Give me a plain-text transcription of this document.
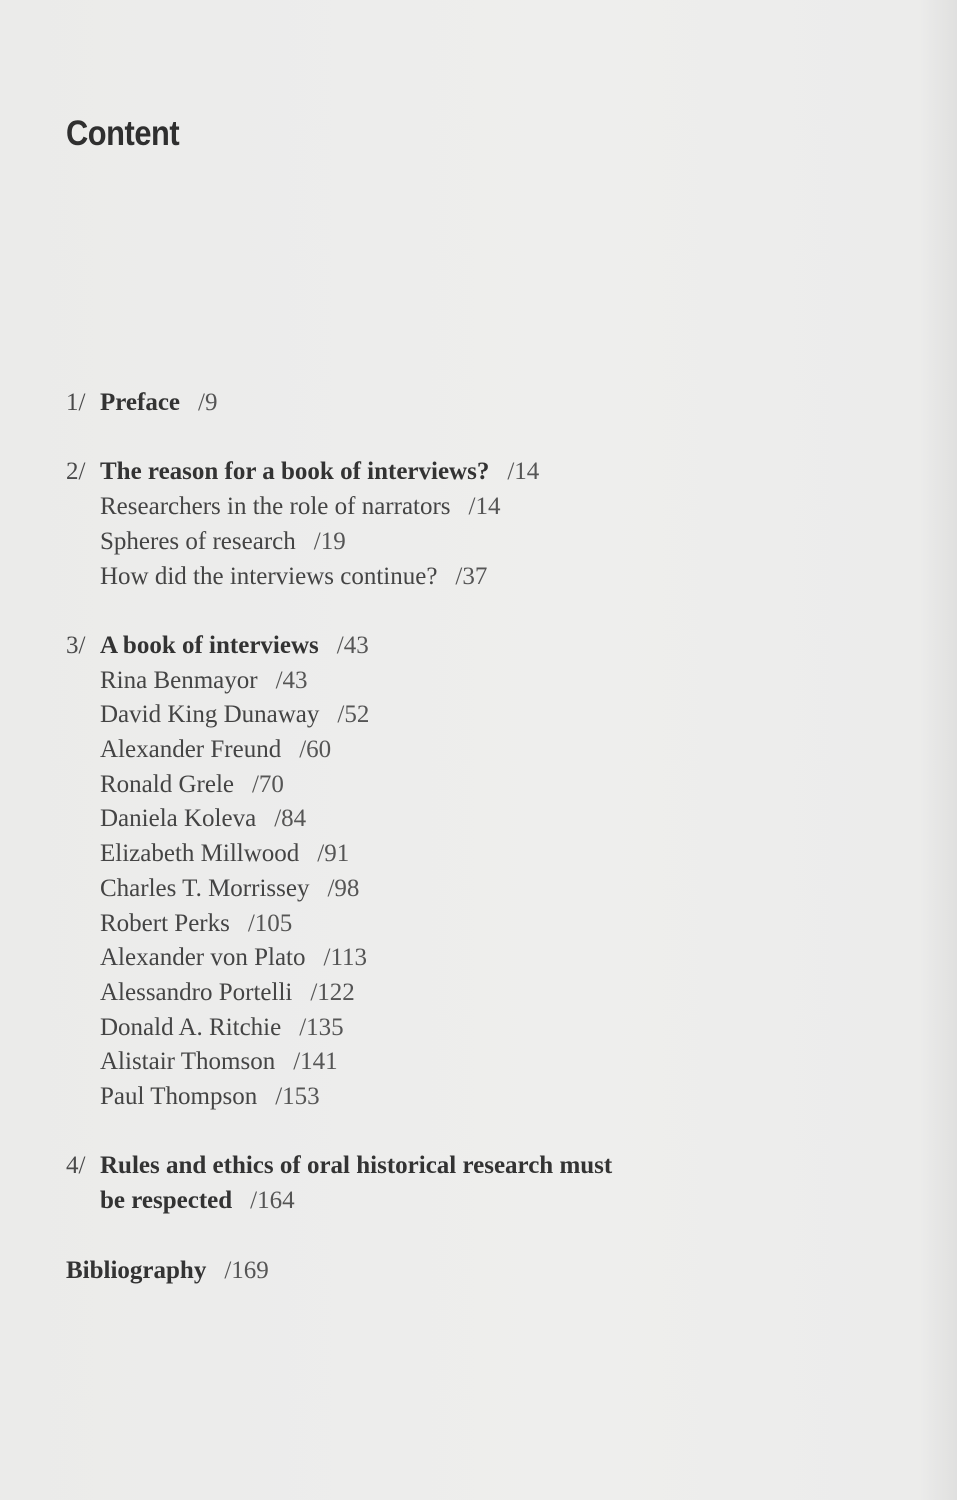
Content
1/ Preface /9
2/ The reason for a book of interviews? /14
Researchers in the role of narrators /14
Spheres of research /19
How did the interviews continue? /37
3/ A book of interviews /43
Rina Benmayor /43
David King Dunaway /52
Alexander Freund /60
Ronald Grele /70
Daniela Koleva /84
Elizabeth Millwood /91
Charles T. Morrissey /98
Robert Perks /105
Alexander von Plato /113
Alessandro Portelli /122
Donald A. Ritchie /135
Alistair Thomson /141
Paul Thompson /153
4/ Rules and ethics of oral historical research must
be respected /164
Bibliography /169
